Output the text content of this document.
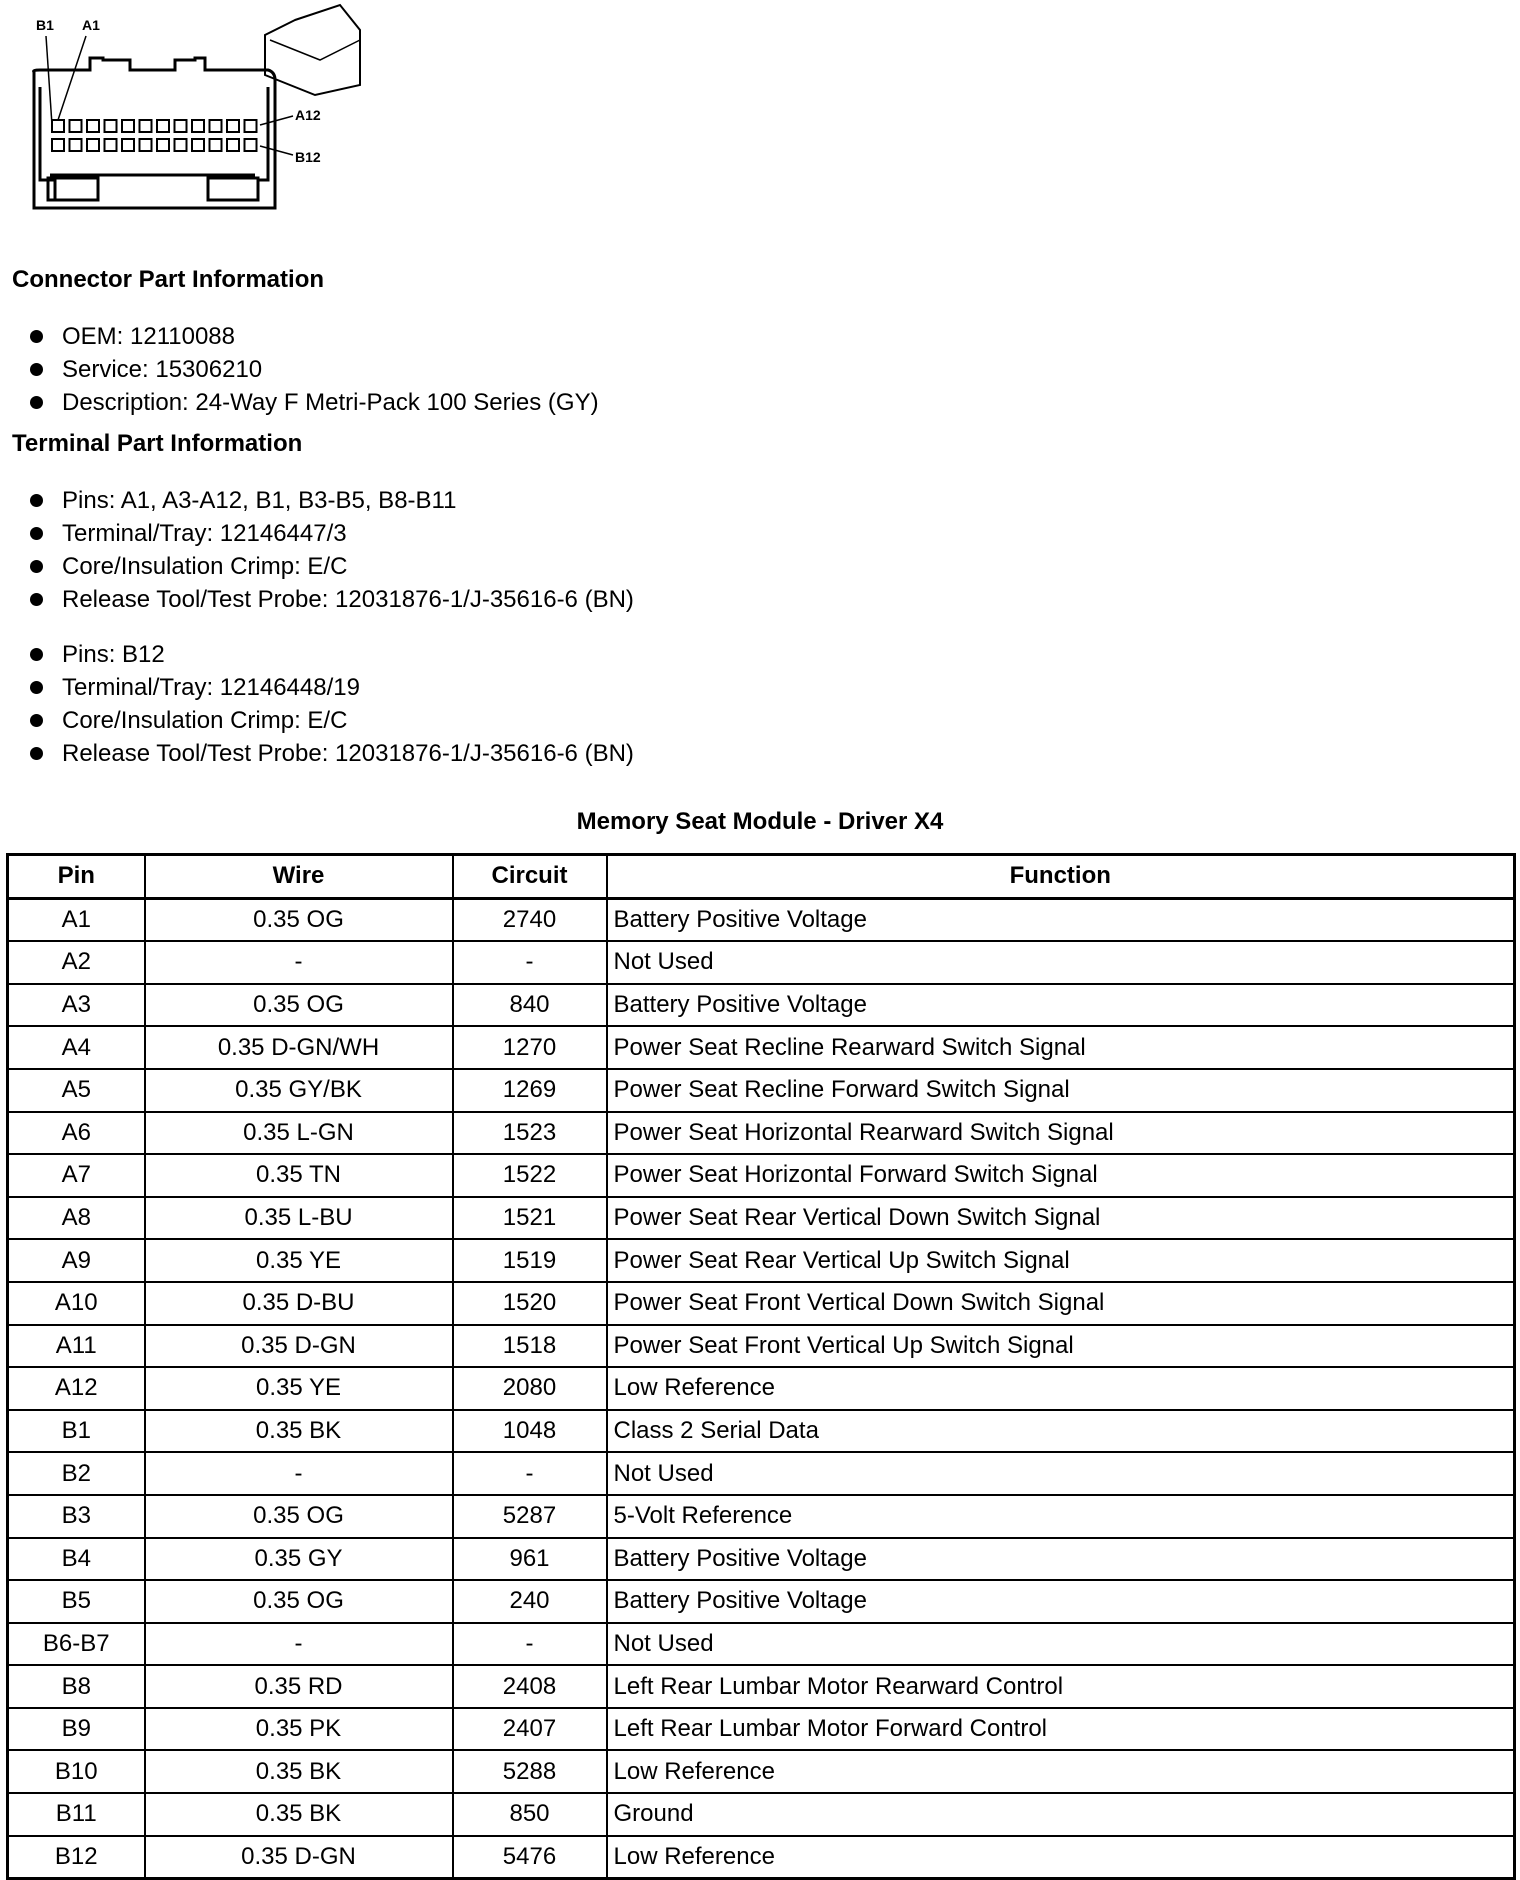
B1 A1
A12
B12
Connector Part Information
OEM: 12110088
Service: 15306210
Description: 24-Way F Metri-Pack 100 Series (GY)
Terminal Part Information
Pins: A1, A3-A12, B1, B3-B5, B8-B11
Terminal/Tray: 12146447/3
Core/Insulation Crimp: E/C
Release Tool/Test Probe: 12031876-1/J-35616-6 (BN)
Pins: B12
Terminal/Tray: 12146448/19
Core/Insulation Crimp: E/C
Release Tool/Test Probe: 12031876-1/J-35616-6 (BN)
Memory Seat Module - Driver X4
Pin	Wire	Circuit	Function
A1	0.35 OG	2740	Battery Positive Voltage
A2	-	-	Not Used
A3	0.35 OG	840	Battery Positive Voltage
A4	0.35 D-GN/WH	1270	Power Seat Recline Rearward Switch Signal
A5	0.35 GY/BK	1269	Power Seat Recline Forward Switch Signal
A6	0.35 L-GN	1523	Power Seat Horizontal Rearward Switch Signal
A7	0.35 TN	1522	Power Seat Horizontal Forward Switch Signal
A8	0.35 L-BU	1521	Power Seat Rear Vertical Down Switch Signal
A9	0.35 YE	1519	Power Seat Rear Vertical Up Switch Signal
A10	0.35 D-BU	1520	Power Seat Front Vertical Down Switch Signal
A11	0.35 D-GN	1518	Power Seat Front Vertical Up Switch Signal
A12	0.35 YE	2080	Low Reference
B1	0.35 BK	1048	Class 2 Serial Data
B2	-	-	Not Used
B3	0.35 OG	5287	5-Volt Reference
B4	0.35 GY	961	Battery Positive Voltage
B5	0.35 OG	240	Battery Positive Voltage
B6-B7	-	-	Not Used
B8	0.35 RD	2408	Left Rear Lumbar Motor Rearward Control
B9	0.35 PK	2407	Left Rear Lumbar Motor Forward Control
B10	0.35 BK	5288	Low Reference
B11	0.35 BK	850	Ground
B12	0.35 D-GN	5476	Low Reference
